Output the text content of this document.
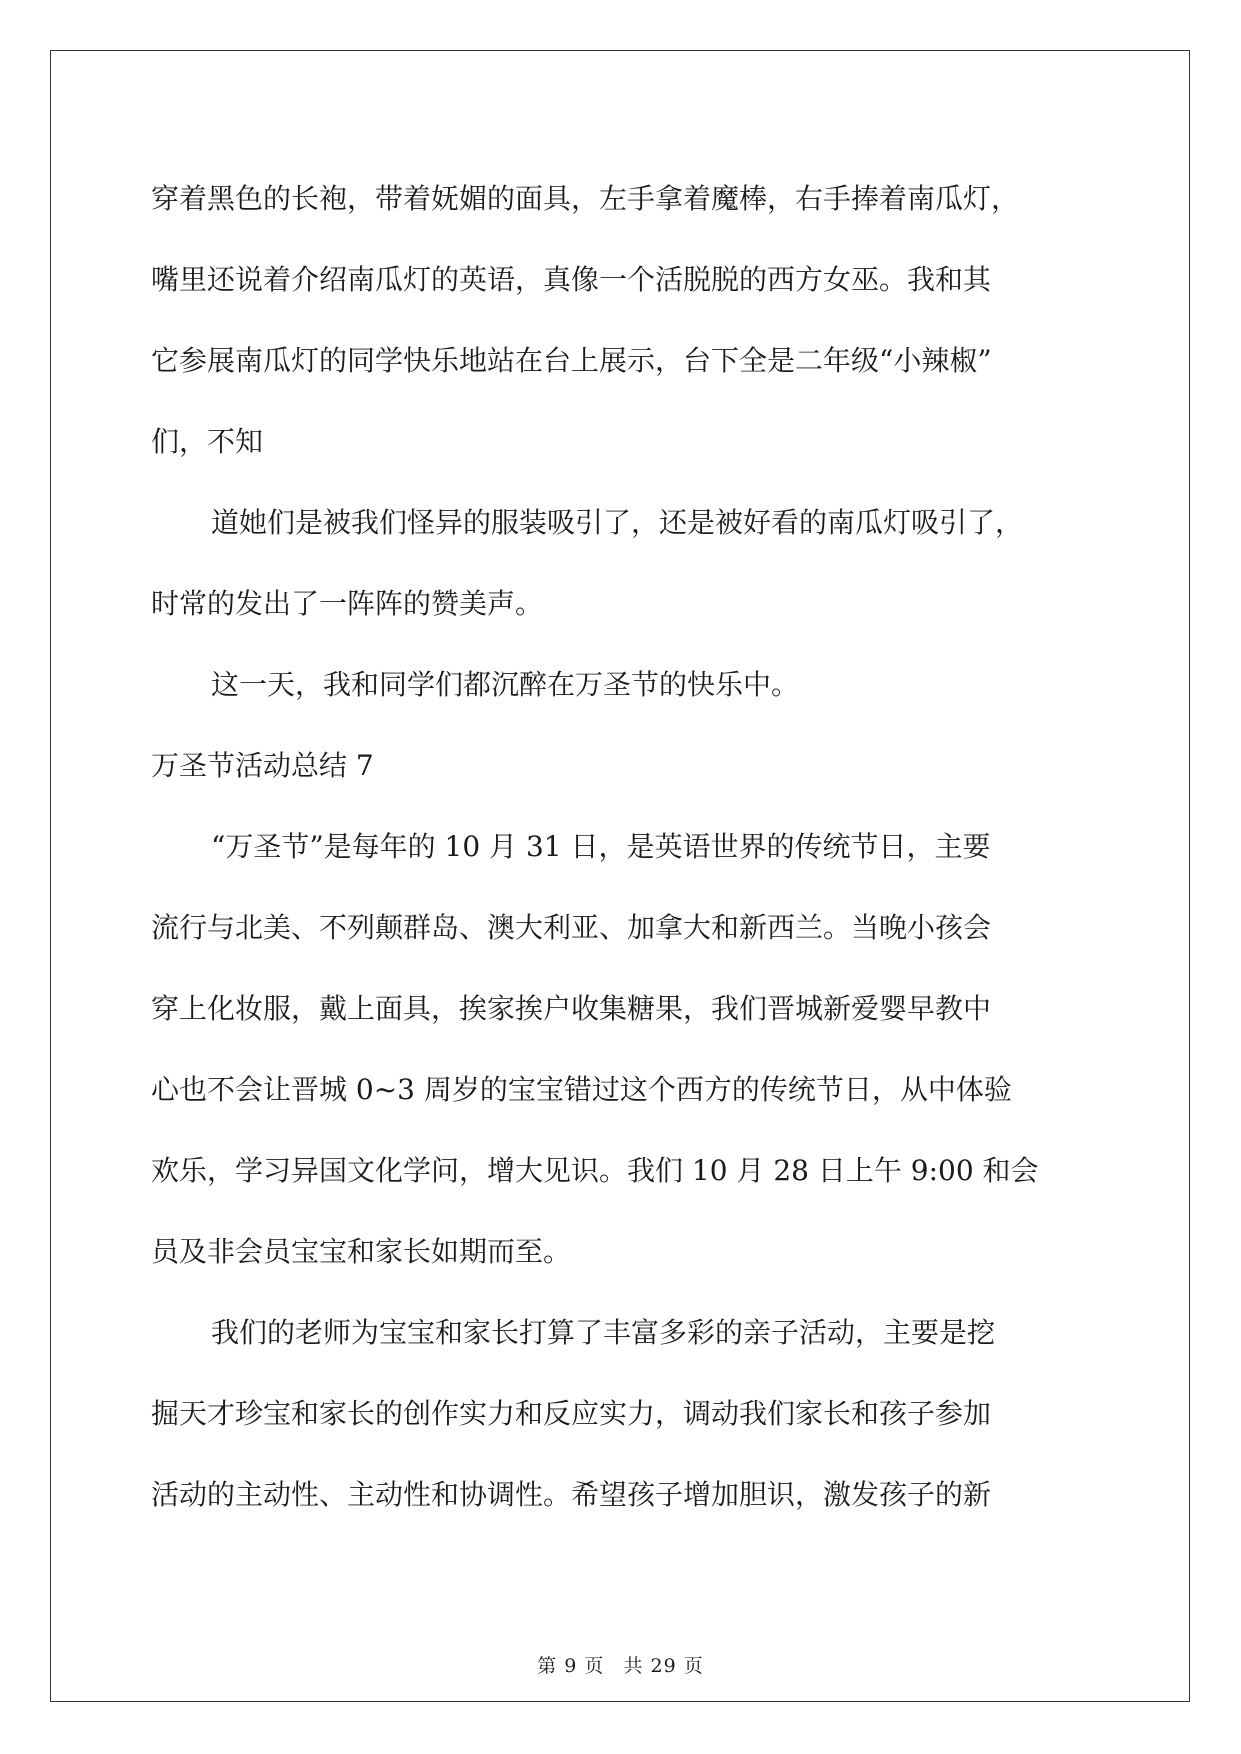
穿着黑色的长袍，带着妩媚的面具，左手拿着魔棒，右手捧着南瓜灯，
嘴里还说着介绍南瓜灯的英语，真像一个活脱脱的西方女巫。我和其
它参展南瓜灯的同学快乐地站在台上展示，台下全是二年级“小辣椒”
们，不知
道她们是被我们怪异的服装吸引了，还是被好看的南瓜灯吸引了，
时常的发出了一阵阵的赞美声。
这一天，我和同学们都沉醉在万圣节的快乐中。
万圣节活动总结 7
“万圣节”是每年的 10 月 31 日，是英语世界的传统节日，主要
流行与北美、不列颠群岛、澳大利亚、加拿大和新西兰。当晚小孩会
穿上化妆服，戴上面具，挨家挨户收集糖果，我们晋城新爱婴早教中
心也不会让晋城 0~3 周岁的宝宝错过这个西方的传统节日，从中体验
欢乐，学习异国文化学问，增大见识。我们 10 月 28 日上午 9:00 和会
员及非会员宝宝和家长如期而至。
我们的老师为宝宝和家长打算了丰富多彩的亲子活动，主要是挖
掘天才珍宝和家长的创作实力和反应实力，调动我们家长和孩子参加
活动的主动性、主动性和协调性。希望孩子增加胆识，激发孩子的新
第 9 页 共 29 页
